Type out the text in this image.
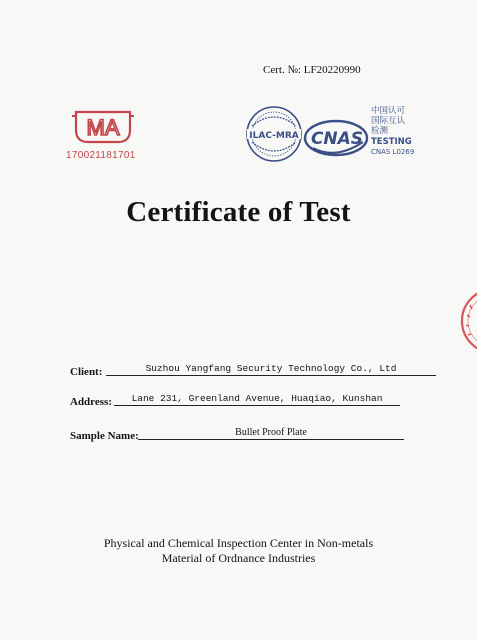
Cert. №: LF20220990
MA
170021181701
ILAC-MRA CNAS
中国认可
国际互认
检测
TESTING
CNAS L0269
Certificate of Test
Client:	Suzhou Yangfang Security Technology Co., Ltd
Address:	Lane 231, Greenland Avenue, Huaqiao, Kunshan
Sample Name:	Bullet Proof Plate
Physical and Chemical Inspection Center in Non-metals
Material of Ordnance Industries
